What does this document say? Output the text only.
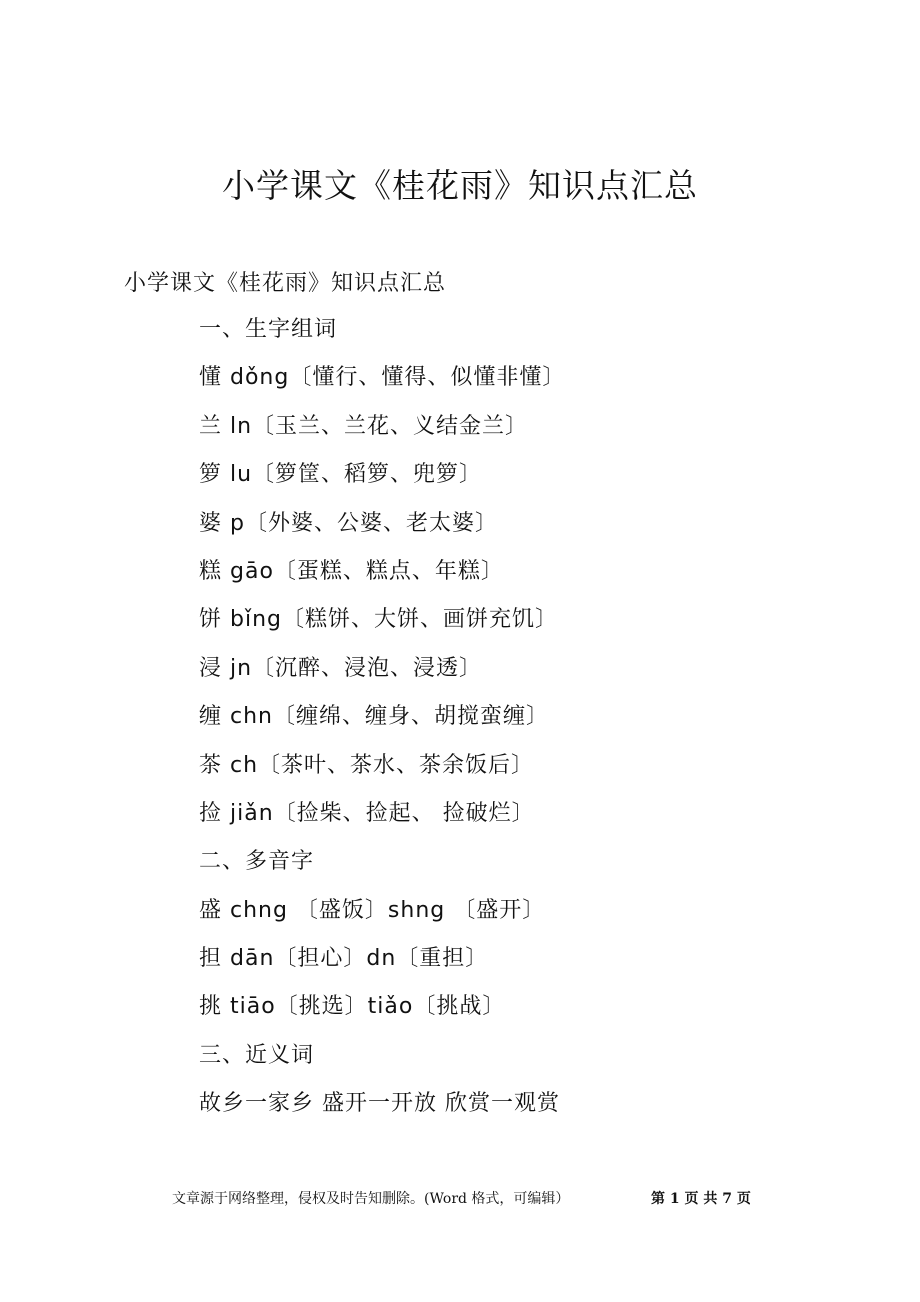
小学课文《桂花雨》知识点汇总
小学课文《桂花雨》知识点汇总
一、生字组词
懂 dǒng〔懂行、懂得、似懂非懂〕
兰 ln〔玉兰、兰花、义结金兰〕
箩 lu〔箩筐、稻箩、兜箩〕
婆 p〔外婆、公婆、老太婆〕
糕 gāo〔蛋糕、糕点、年糕〕
饼 bǐng〔糕饼、大饼、画饼充饥〕
浸 jn〔沉醉、浸泡、浸透〕
缠 chn〔缠绵、缠身、胡搅蛮缠〕
茶 ch〔茶叶、茶水、茶余饭后〕
捡 jiǎn〔捡柴、捡起、 捡破烂〕
二、多音字
盛 chng 〔盛饭〕shng 〔盛开〕
担 dān〔担心〕dn〔重担〕
挑 tiāo〔挑选〕tiǎo〔挑战〕
三、近义词
故乡一家乡 盛开一开放 欣赏一观赏
文章源于网络整理，侵权及时告知删除。(Word 格式，可编辑）	第 1 页 共 7 页
